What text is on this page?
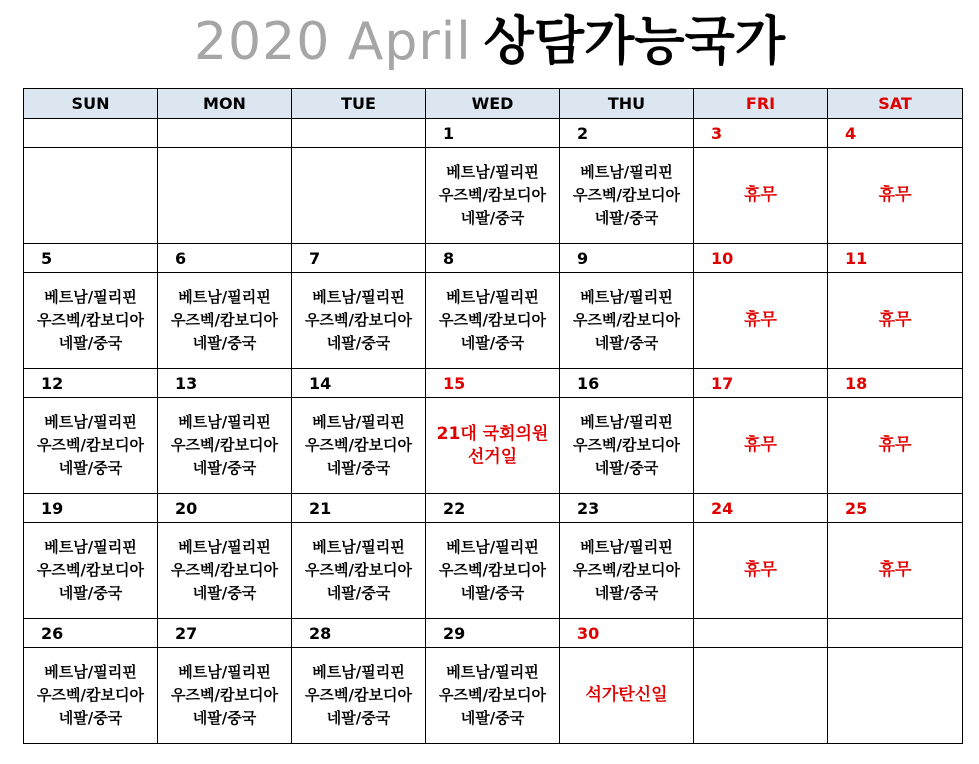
2020 April 상담가능국가
SUN	MON	TUE	WED	THU	FRI	SAT
			1	2	3	4

			베트남/필리핀
우즈벡/캄보디아
네팔/중국	베트남/필리핀
우즈벡/캄보디아
네팔/중국	휴무	휴무

5	6	7	8	9	10	11

베트남/필리핀
우즈벡/캄보디아
네팔/중국	베트남/필리핀
우즈벡/캄보디아
네팔/중국	베트남/필리핀
우즈벡/캄보디아
네팔/중국	베트남/필리핀
우즈벡/캄보디아
네팔/중국	베트남/필리핀
우즈벡/캄보디아
네팔/중국	휴무	휴무

12	13	14	15	16	17	18

베트남/필리핀
우즈벡/캄보디아
네팔/중국	베트남/필리핀
우즈벡/캄보디아
네팔/중국	베트남/필리핀
우즈벡/캄보디아
네팔/중국	21대 국회의원
선거일	베트남/필리핀
우즈벡/캄보디아
네팔/중국	휴무	휴무

19	20	21	22	23	24	25

베트남/필리핀
우즈벡/캄보디아
네팔/중국	베트남/필리핀
우즈벡/캄보디아
네팔/중국	베트남/필리핀
우즈벡/캄보디아
네팔/중국	베트남/필리핀
우즈벡/캄보디아
네팔/중국	베트남/필리핀
우즈벡/캄보디아
네팔/중국	휴무	휴무

26	27	28	29	30		

베트남/필리핀
우즈벡/캄보디아
네팔/중국	베트남/필리핀
우즈벡/캄보디아
네팔/중국	베트남/필리핀
우즈벡/캄보디아
네팔/중국	베트남/필리핀
우즈벡/캄보디아
네팔/중국	석가탄신일		
